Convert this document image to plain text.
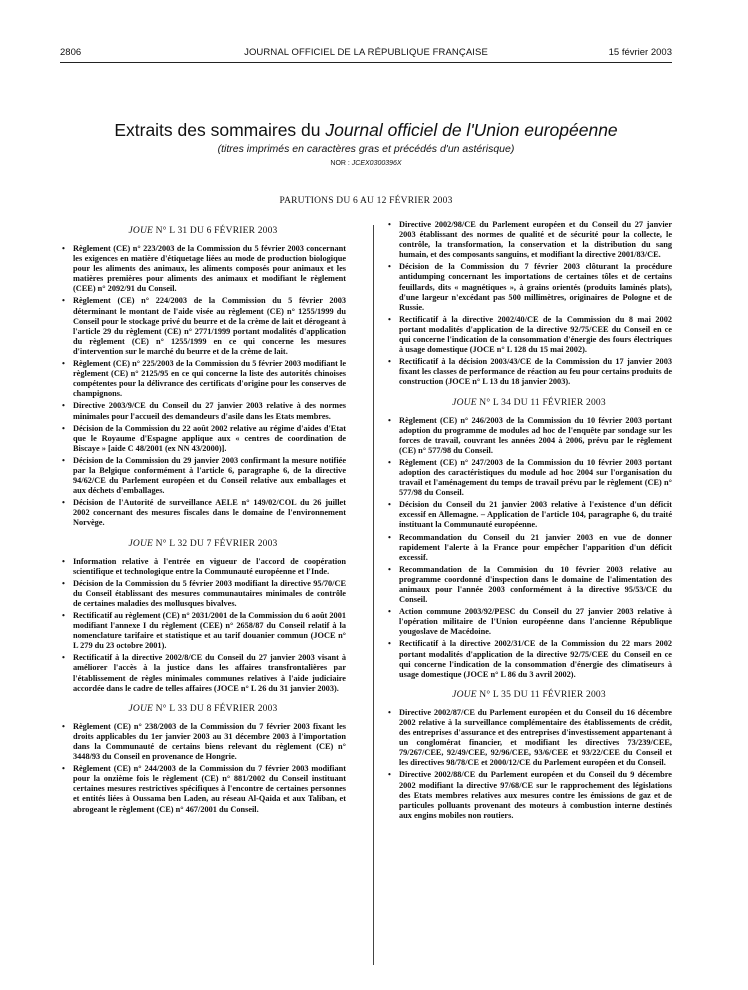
2806	JOURNAL OFFICIEL DE LA RÉPUBLIQUE FRANÇAISE	15 février 2003
Extraits des sommaires du Journal officiel de l'Union européenne
(titres imprimés en caractères gras et précédés d'un astérisque)
NOR : JCEX0300396X
PARUTIONS DU 6 AU 12 FÉVRIER 2003
JOUE N° L 31 DU 6 FÉVRIER 2003
• Règlement (CE) n° 223/2003 de la Commission du 5 février 2003 concernant les exigences en matière d'étiquetage liées au mode de production biologique pour les aliments des animaux, les aliments composés pour animaux et les matières premières pour aliments des animaux et modifiant le règlement (CEE) n° 2092/91 du Conseil.
• Règlement (CE) n° 224/2003 de la Commission du 5 février 2003 déterminant le montant de l'aide visée au règlement (CE) n° 1255/1999 du Conseil pour le stockage privé du beurre et de la crème de lait et dérogeant à l'article 29 du règlement (CE) n° 2771/1999 portant modalités d'application du règlement (CE) n° 1255/1999 en ce qui concerne les mesures d'intervention sur le marché du beurre et de la crème de lait.
• Règlement (CE) n° 225/2003 de la Commission du 5 février 2003 modifiant le règlement (CE) n° 2125/95 en ce qui concerne la liste des autorités chinoises compétentes pour la délivrance des certificats d'origine pour les conserves de champignons.
• Directive 2003/9/CE du Conseil du 27 janvier 2003 relative à des normes minimales pour l'accueil des demandeurs d'asile dans les Etats membres.
• Décision de la Commission du 22 août 2002 relative au régime d'aides d'Etat que le Royaume d'Espagne applique aux « centres de coordination de Biscaye » [aide C 48/2001 (ex NN 43/2000)].
• Décision de la Commission du 29 janvier 2003 confirmant la mesure notifiée par la Belgique conformément à l'article 6, paragraphe 6, de la directive 94/62/CE du Parlement européen et du Conseil relative aux emballages et aux déchets d'emballages.
• Décision de l'Autorité de surveillance AELE n° 149/02/COL du 26 juillet 2002 concernant des mesures fiscales dans le domaine de l'environnement Norvège.
JOUE N° L 32 DU 7 FÉVRIER 2003
• Information relative à l'entrée en vigueur de l'accord de coopération scientifique et technologique entre la Communauté européenne et l'Inde.
• Décision de la Commission du 5 février 2003 modifiant la directive 95/70/CE du Conseil établissant des mesures communautaires minimales de contrôle de certaines maladies des mollusques bivalves.
• Rectificatif au règlement (CE) n° 2031/2001 de la Commission du 6 août 2001 modifiant l'annexe I du règlement (CEE) n° 2658/87 du Conseil relatif à la nomenclature tarifaire et statistique et au tarif douanier commun (JOCE n° L 279 du 23 octobre 2001).
• Rectificatif à la directive 2002/8/CE du Conseil du 27 janvier 2003 visant à améliorer l'accès à la justice dans les affaires transfrontalières par l'établissement de règles minimales communes relatives à l'aide judiciaire accordée dans le cadre de telles affaires (JOCE n° L 26 du 31 janvier 2003).
JOUE N° L 33 DU 8 FÉVRIER 2003
• Règlement (CE) n° 238/2003 de la Commission du 7 février 2003 fixant les droits applicables du 1er janvier 2003 au 31 décembre 2003 à l'importation dans la Communauté de certains biens relevant du règlement (CE) n° 3448/93 du Conseil en provenance de Hongrie.
• Règlement (CE) n° 244/2003 de la Commission du 7 février 2003 modifiant pour la onzième fois le règlement (CE) n° 881/2002 du Conseil instituant certaines mesures restrictives spécifiques à l'encontre de certaines personnes et entités liées à Oussama ben Laden, au réseau Al-Qaida et aux Taliban, et abrogeant le règlement (CE) n° 467/2001 du Conseil.
• Directive 2002/98/CE du Parlement européen et du Conseil du 27 janvier 2003 établissant des normes de qualité et de sécurité pour la collecte, le contrôle, la transformation, la conservation et la distribution du sang humain, et des composants sanguins, et modifiant la directive 2001/83/CE.
• Décision de la Commission du 7 février 2003 clôturant la procédure antidumping concernant les importations de certaines tôles et de certains feuillards, dits « magnétiques », à grains orientés (produits laminés plats), d'une largeur n'excédant pas 500 millimètres, originaires de Pologne et de Russie.
• Rectificatif à la directive 2002/40/CE de la Commission du 8 mai 2002 portant modalités d'application de la directive 92/75/CEE du Conseil en ce qui concerne l'indication de la consommation d'énergie des fours électriques à usage domestique (JOCE n° L 128 du 15 mai 2002).
• Rectificatif à la décision 2003/43/CE de la Commission du 17 janvier 2003 fixant les classes de performance de réaction au feu pour certains produits de construction (JOCE n° L 13 du 18 janvier 2003).
JOUE N° L 34 DU 11 FÉVRIER 2003
• Règlement (CE) n° 246/2003 de la Commission du 10 février 2003 portant adoption du programme de modules ad hoc de l'enquête par sondage sur les forces de travail, couvrant les années 2004 à 2006, prévu par le règlement (CE) n° 577/98 du Conseil.
• Règlement (CE) n° 247/2003 de la Commission du 10 février 2003 portant adoption des caractéristiques du module ad hoc 2004 sur l'organisation du travail et l'aménagement du temps de travail prévu par le règlement (CE) n° 577/98 du Conseil.
• Décision du Conseil du 21 janvier 2003 relative à l'existence d'un déficit excessif en Allemagne. – Application de l'article 104, paragraphe 6, du traité instituant la Communauté européenne.
• Recommandation du Conseil du 21 janvier 2003 en vue de donner rapidement l'alerte à la France pour empêcher l'apparition d'un déficit excessif.
• Recommandation de la Commision du 10 février 2003 relative au programme coordonné d'inspection dans le domaine de l'alimentation des animaux pour l'année 2003 conformément à la directive 95/53/CE du Conseil.
• Action commune 2003/92/PESC du Conseil du 27 janvier 2003 relative à l'opération militaire de l'Union européenne dans l'ancienne République yougoslave de Macédoine.
• Rectificatif à la directive 2002/31/CE de la Commission du 22 mars 2002 portant modalités d'application de la directive 92/75/CEE du Conseil en ce qui concerne l'indication de la consommation d'énergie des climatiseurs à usage domestique (JOCE n° L 86 du 3 avril 2002).
JOUE N° L 35 DU 11 FÉVRIER 2003
• Directive 2002/87/CE du Parlement européen et du Conseil du 16 décembre 2002 relative à la surveillance complémentaire des établissements de crédit, des entreprises d'assurance et des entreprises d'investissement appartenant à un conglomérat financier, et modifiant les directives 73/239/CEE, 79/267/CEE, 92/49/CEE, 92/96/CEE, 93/6/CEE et 93/22/CEE du Conseil et les directives 98/78/CE et 2000/12/CE du Parlement européen et du Conseil.
• Directive 2002/88/CE du Parlement européen et du Conseil du 9 décembre 2002 modifiant la directive 97/68/CE sur le rapprochement des législations des Etats membres relatives aux mesures contre les émissions de gaz et de particules polluants provenant des moteurs à combustion interne destinés aux engins mobiles non routiers.
